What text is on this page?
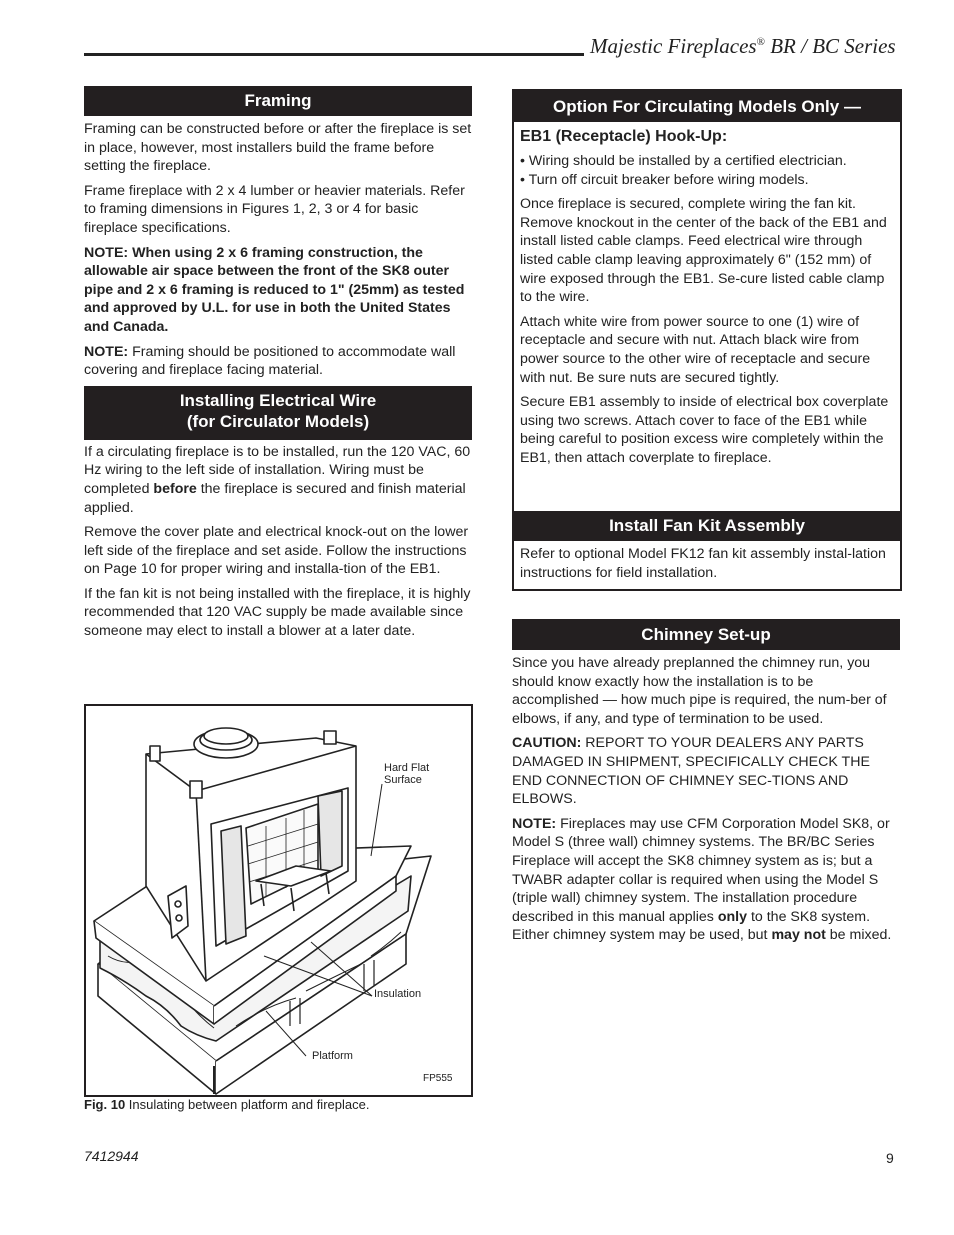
Majestic Fireplaces® BR / BC Series
Framing

Framing can be constructed before or after the fireplace is set in place, however, most installers build the frame before setting the fireplace.

Frame fireplace with 2 x 4 lumber or heavier materials. Refer to framing dimensions in Figures 1, 2, 3 or 4 for basic fireplace specifications.

NOTE: When using 2 x 6 framing construction, the allowable air space between the front of the SK8 outer pipe and 2 x 6 framing is reduced to 1" (25mm) as tested and approved by U.L. for use in both the United States and Canada.

NOTE: Framing should be positioned to accommodate wall covering and fireplace facing material.

Installing Electrical Wire
(for Circulator Models)

If a circulating fireplace is to be installed, run the 120 VAC, 60 Hz wiring to the left side of installation. Wiring must be completed before the fireplace is secured and finish material applied.

Remove the cover plate and electrical knock-out on the lower left side of the fireplace and set aside. Follow the instructions on Page 10 for proper wiring and installa-tion of the EB1.

If the fan kit is not being installed with the fireplace, it is highly recommended that 120 VAC supply be made available since someone may elect to install a blower at a later date.

Hard Flat
Surface
Insulation
Platform
FP555
Fig. 10 Insulating between platform and fireplace.
Option For Circulating Models Only —
EB1 (Receptacle) Hook-Up:
• Wiring should be installed by a certified electrician.
• Turn off circuit breaker before wiring models.

Once fireplace is secured, complete wiring the fan kit. Remove knockout in the center of the back of the EB1 and install listed cable clamps. Feed electrical wire through listed cable clamp leaving approximately 6" (152 mm) of wire exposed through the EB1. Se-cure listed cable clamp to the wire.

Attach white wire from power source to one (1) wire of receptacle and secure with nut. Attach black wire from power source to the other wire of receptacle and secure with nut. Be sure nuts are secured tightly.

Secure EB1 assembly to inside of electrical box coverplate using two screws. Attach cover to face of the EB1 while being careful to position excess wire completely within the EB1, then attach coverplate to fireplace.

Install Fan Kit Assembly

Refer to optional Model FK12 fan kit assembly instal-lation instructions for field installation.

Chimney Set-up

Since you have already preplanned the chimney run, you should know exactly how the installation is to be accomplished — how much pipe is required, the num-ber of elbows, if any, and type of termination to be used.

CAUTION: REPORT TO YOUR DEALERS ANY PARTS DAMAGED IN SHIPMENT, SPECIFICALLY CHECK THE END CONNECTION OF CHIMNEY SEC-TIONS AND ELBOWS.

NOTE: Fireplaces may use CFM Corporation Model SK8, or Model S (three wall) chimney systems. The BR/BC Series Fireplace will accept the SK8 chimney system as is; but a TWABR adapter collar is required when using the Model S (triple wall) chimney system. The installation procedure described in this manual applies only to the SK8 system. Either chimney system may be used, but may not be mixed.

7412944	9
